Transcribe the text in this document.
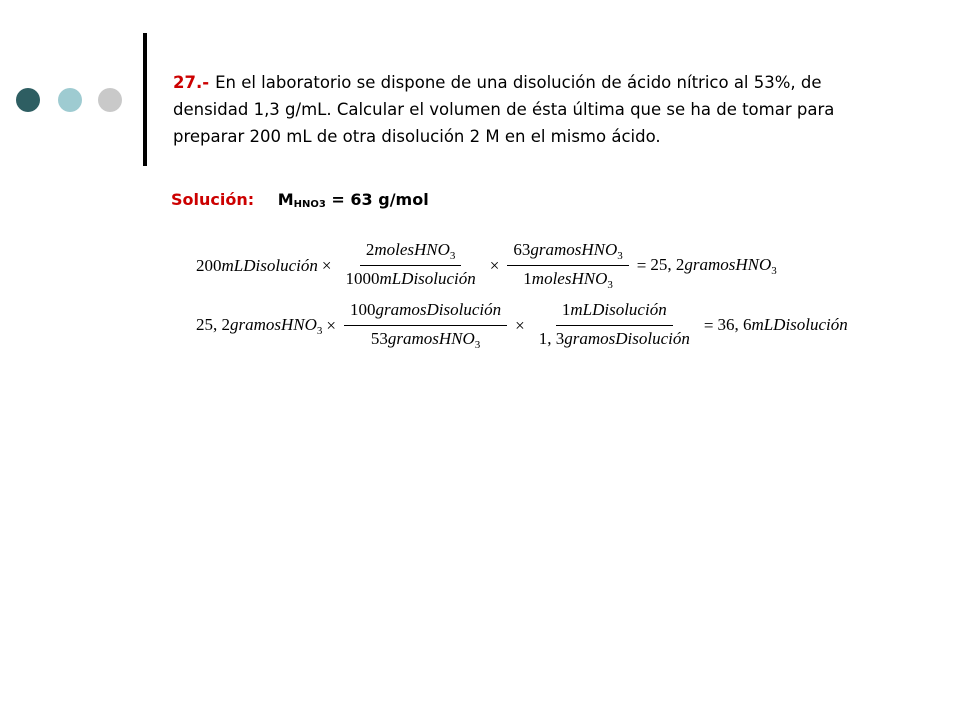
27.- En el laboratorio se dispone de una disolución de ácido nítrico al 53%, de densidad 1,3 g/mL. Calcular el volumen de ésta última que se ha de tomar para preparar 200 mL de otra disolución 2 M en el mismo ácido.
Solución: $M_{HNO3} = 63$ g/mol
200mLDisolución × $\frac{2molesHNO_3}{\text{1000mLDisolución}} \times \frac{63gramosHNO_3}{1molesHNO_3} = 25$, 2gramosHNO$_3$
25, 2gramosHNO$_3$ × $\frac{\text{100gramosDisolución}}{53gramosHNO_3} \times \frac{\text{1mLDisolución}}{\text{1, 3gramosDisolución}} = 36$, 6mLDisolución
